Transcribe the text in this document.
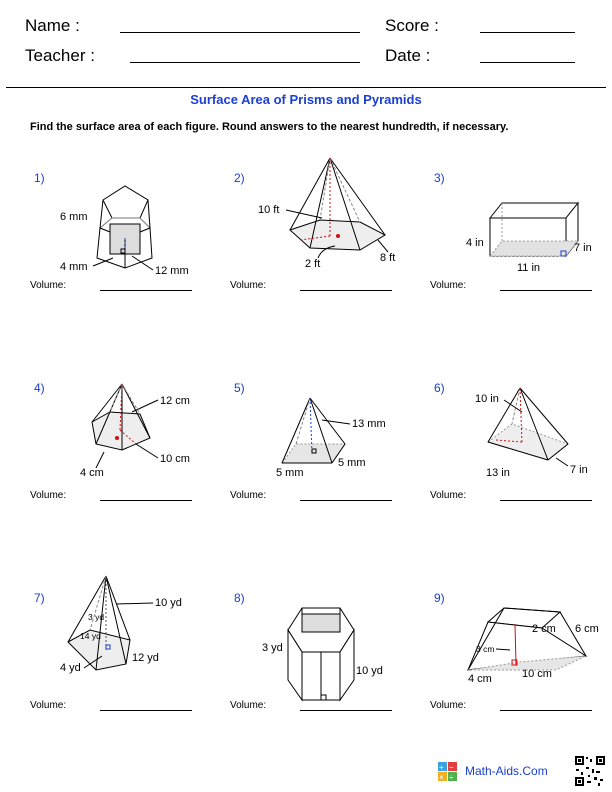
Name :	Score :
Teacher :	Date :
Surface Area of Prisms and Pyramids
Find the surface area of each figure. Round answers to the nearest hundredth, if necessary.
1)	2)	3)
4)	5)	6)
7)	8)	9)
Volume:	Volume:	Volume:
Volume:	Volume:	Volume:
Volume:	Volume:	Volume:
6 mm
4 mm	12 mm
10 ft
2 ft	8 ft
4 in	7 in
11 in
12 cm
10 cm
4 cm
13 mm
5 mm
5 mm
10 in
13 in	7 in
10 yd
3 yd
14 yd
12 yd
4 yd
3 yd
10 yd
2 cm 6 cm
3 cm
4 cm	10 cm
+ −
× ÷ Math-Aids.Com
